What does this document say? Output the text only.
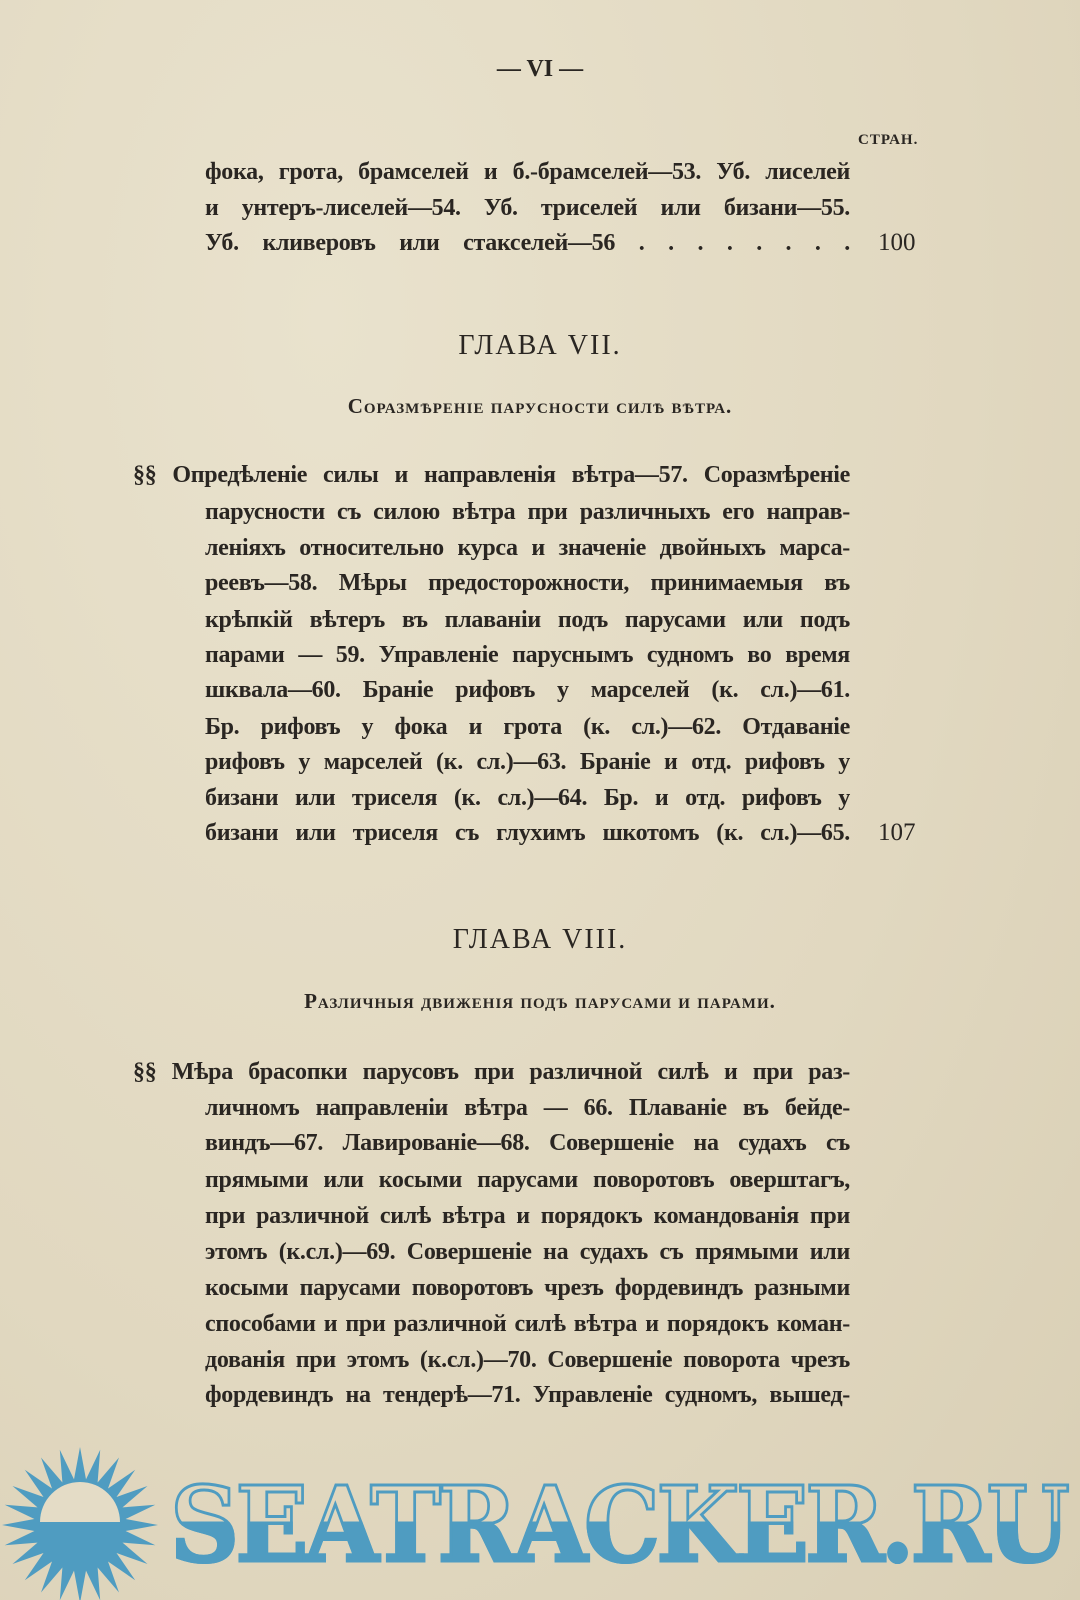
— VI —
СТРАН.
фока, грота, брамселей и б.-брамселей—53. Уб. лиселей
и унтеръ-лиселей—54. Уб. триселей или бизани—55.
Уб. кливеровъ или стакселей—56 . . . . . . . . 100
ГЛАВА VII.
Соразмѣреніе парусности силѣ вѣтра.
§§ Опредѣленіе силы и направленія вѣтра—57. Соразмѣреніе
парусности съ силою вѣтра при различныхъ его направ-
леніяхъ относительно курса и значеніе двойныхъ марса-
реевъ—58. Мѣры предосторожности, принимаемыя въ
крѣпкій вѣтеръ въ плаваніи подъ парусами или подъ
парами — 59. Управленіе паруснымъ судномъ во время
шквала—60. Браніе рифовъ у марселей (к. сл.)—61.
Бр. рифовъ у фока и грота (к. сл.)—62. Отдаваніе
рифовъ у марселей (к. сл.)—63. Браніе и отд. рифовъ у
бизани или триселя (к. сл.)—64. Бр. и отд. рифовъ у
бизани или триселя съ глухимъ шкотомъ (к. сл.)—65. 107
ГЛАВА VIII.
Различныя движенія подъ парусами и парами.
§§ Мѣра брасопки парусовъ при различной силѣ и при раз-
личномъ направленіи вѣтра — 66. Плаваніе въ бейде-
виндъ—67. Лавированіе—68. Совершеніе на судахъ съ
прямыми или косыми парусами поворотовъ оверштагъ,
при различной силѣ вѣтра и порядокъ командованія при
этомъ (к.сл.)—69. Совершеніе на судахъ съ прямыми или
косыми парусами поворотовъ чрезъ фордевиндъ разными
способами и при различной силѣ вѣтра и порядокъ коман-
дованія при этомъ (к.сл.)—70. Совершеніе поворота чрезъ
фордевиндъ на тендерѣ—71. Управленіе судномъ, вышед-
SEATRACKER.RU
